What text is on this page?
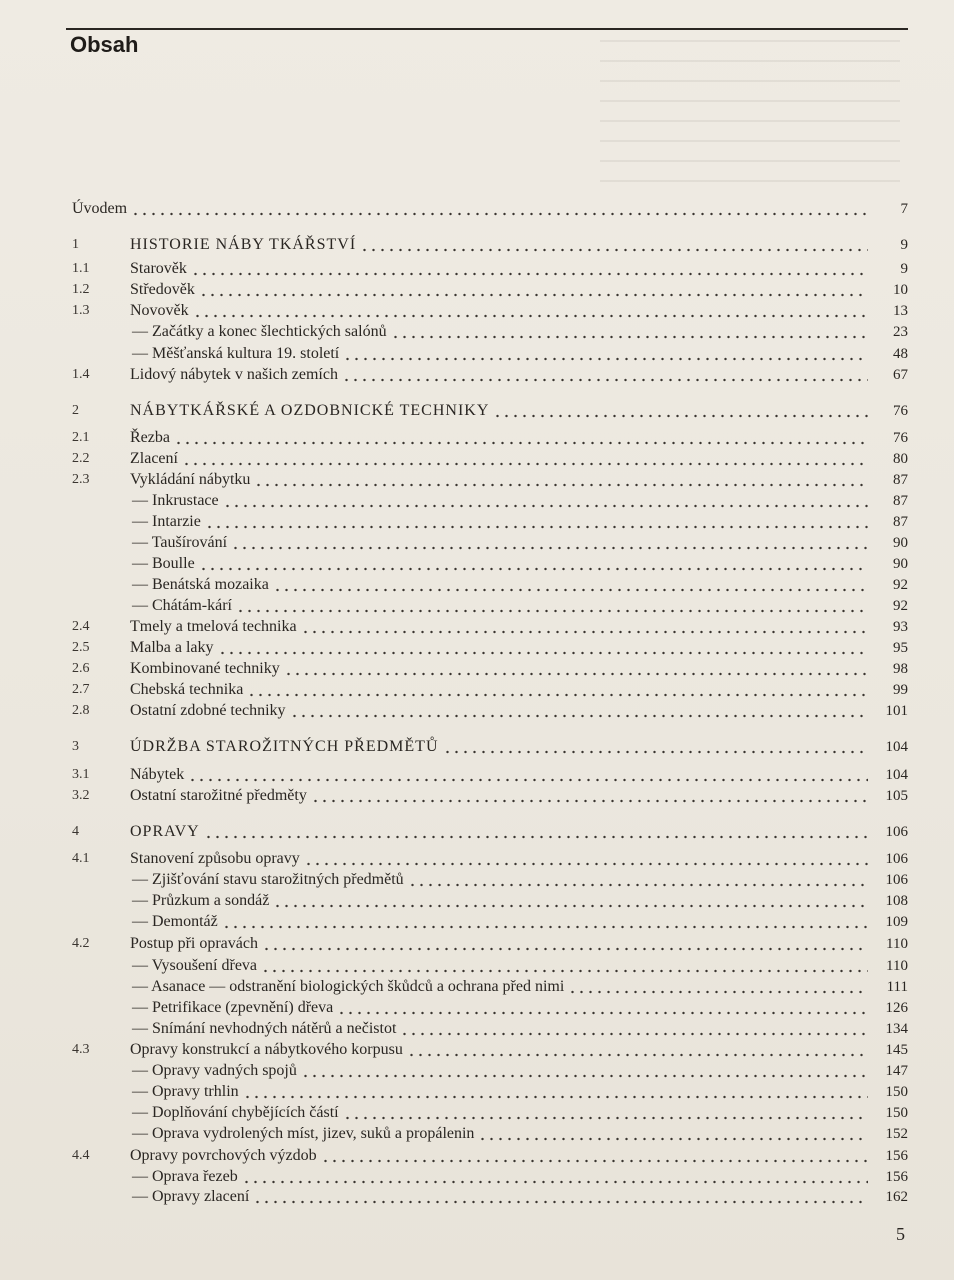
Obsah
Úvodem	7
1	HISTORIE NÁBY TKÁŘSTVÍ	9
1.1	Starověk	9
1.2	Středověk	10
1.3	Novověk	13
— Začátky a konec šlechtických salónů	23
— Měšťanská kultura 19. století	48
1.4	Lidový nábytek v našich zemích	67
2	NÁBYTKÁŘSKÉ A OZDOBNICKÉ TECHNIKY	76
2.1	Řezba	76
2.2	Zlacení	80
2.3	Vykládání nábytku	87
— Inkrustace	87
— Intarzie	87
— Taušírování	90
— Boulle	90
— Benátská mozaika	92
— Chátám-kárí	92
2.4	Tmely a tmelová technika	93
2.5	Malba a laky	95
2.6	Kombinované techniky	98
2.7	Chebská technika	99
2.8	Ostatní zdobné techniky	101
3	ÚDRŽBA STAROŽITNÝCH PŘEDMĚTŮ	104
3.1	Nábytek	104
3.2	Ostatní starožitné předměty	105
4	OPRAVY	106
4.1	Stanovení způsobu opravy	106
— Zjišťování stavu starožitných předmětů	106
— Průzkum a sondáž	108
— Demontáž	109
4.2	Postup při opravách	110
— Vysoušení dřeva	110
— Asanace — odstranění biologických škůdců a ochrana před nimi	111
— Petrifikace (zpevnění) dřeva	126
— Snímání nevhodných nátěrů a nečistot	134
4.3	Opravy konstrukcí a nábytkového korpusu	145
— Opravy vadných spojů	147
— Opravy trhlin	150
— Doplňování chybějících částí	150
— Oprava vydrolených míst, jizev, suků a propálenin	152
4.4	Opravy povrchových výzdob	156
— Oprava řezeb	156
— Opravy zlacení	162
5
